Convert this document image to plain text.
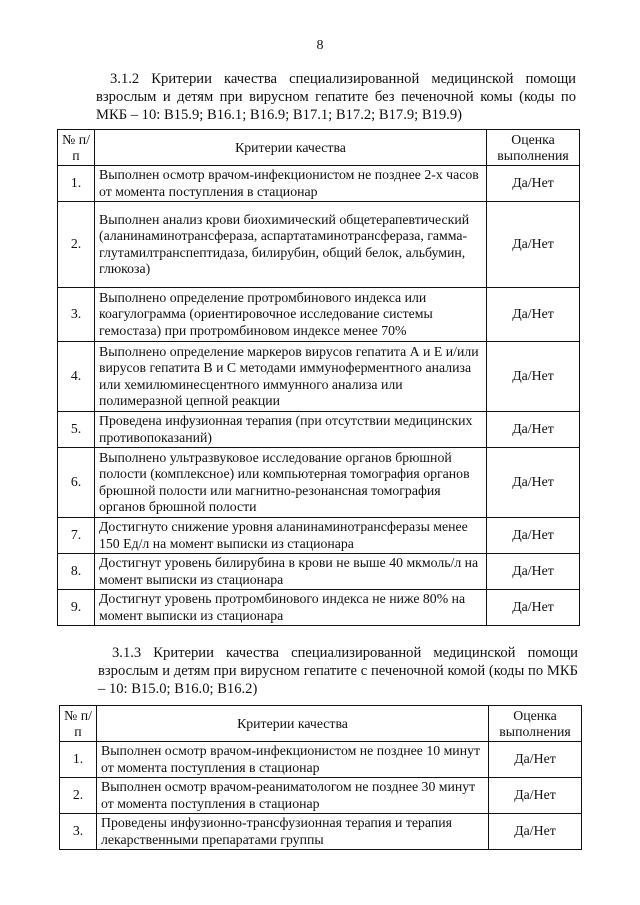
8
3.1.2 Критерии качества специализированной медицинской помощи взрослым и детям при вирусном гепатите без печеночной комы (коды по МКБ – 10: В15.9; В16.1; В16.9; В17.1; В17.2; В17.9; В19.9)
№ п/п	Критерии качества	Оценка выполнения
1.	Выполнен осмотр врачом-инфекционистом не позднее 2-х часов от момента поступления в стационар	Да/Нет
2.	Выполнен анализ крови биохимический общетерапевтический (аланинаминотрансфераза, аспартатаминотрансфераза, гамма-глутамилтранспептидаза, билирубин, общий белок, альбумин, глюкоза)	Да/Нет
3.	Выполнено определение протромбинового индекса или коагулограмма (ориентировочное исследование системы гемостаза) при протромбиновом индексе менее 70%	Да/Нет
4.	Выполнено определение маркеров вирусов гепатита А и Е и/или вирусов гепатита В и С методами иммуноферментного анализа или хемилюминесцентного иммунного анализа или полимеразной цепной реакции	Да/Нет
5.	Проведена инфузионная терапия (при отсутствии медицинских противопоказаний)	Да/Нет
6.	Выполнено ультразвуковое исследование органов брюшной полости (комплексное) или компьютерная томография органов брюшной полости или магнитно-резонансная томография органов брюшной полости	Да/Нет
7.	Достигнуто снижение уровня аланинаминотрансферазы менее 150 Ед/л на момент выписки из стационара	Да/Нет
8.	Достигнут уровень билирубина в крови не выше 40 мкмоль/л на момент выписки из стационара	Да/Нет
9.	Достигнут уровень протромбинового индекса не ниже 80% на момент выписки из стационара	Да/Нет
3.1.3 Критерии качества специализированной медицинской помощи взрослым и детям при вирусном гепатите с печеночной комой (коды по МКБ – 10: В15.0; В16.0; В16.2)
№ п/п	Критерии качества	Оценка выполнения
1.	Выполнен осмотр врачом-инфекционистом не позднее 10 минут от момента поступления в стационар	Да/Нет
2.	Выполнен осмотр врачом-реаниматологом не позднее 30 минут от момента поступления в стационар	Да/Нет
3.	Проведены инфузионно-трансфузионная терапия и терапия лекарственными препаратами группы	Да/Нет
